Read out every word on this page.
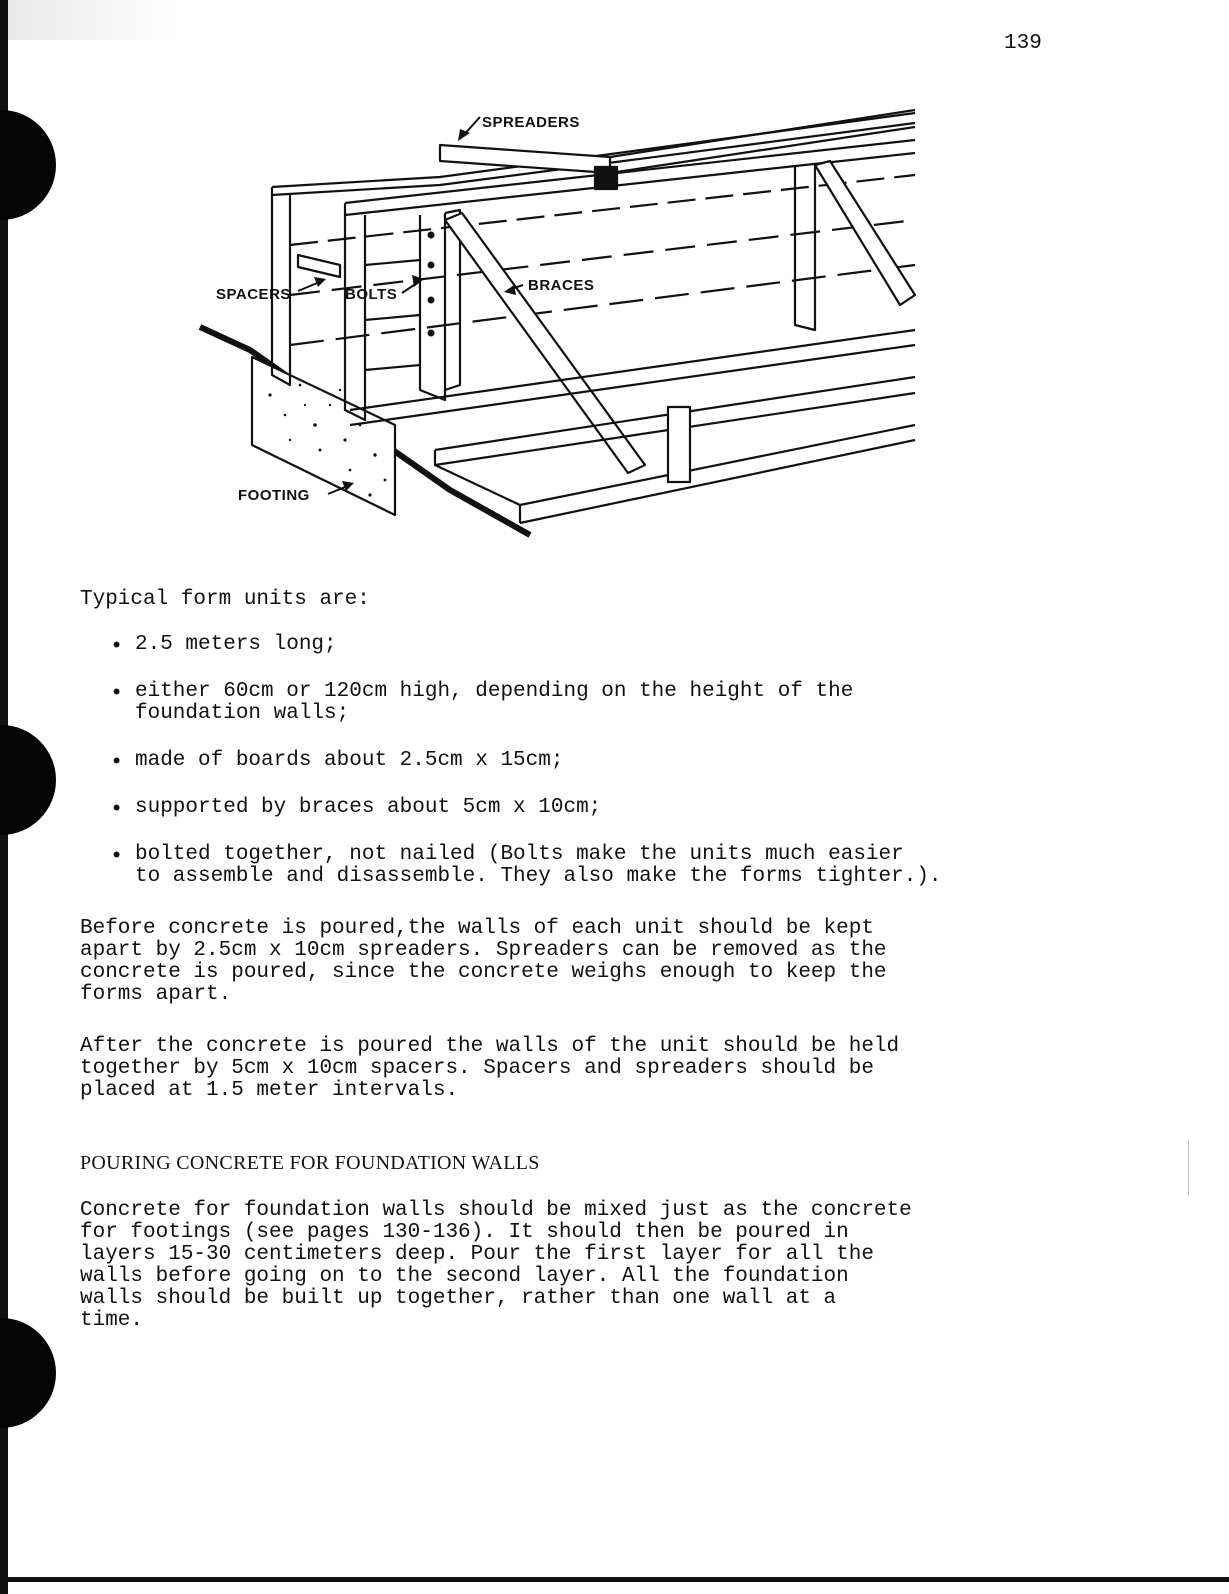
139
SPREADERS
SPACERS	BOLTS
BRACES
FOOTING
Typical form units are:
• 2.5 meters long;
• either 60cm or 120cm high, depending on the height of the
foundation walls;
• made of boards about 2.5cm x 15cm;
• supported by braces about 5cm x 10cm;
• bolted together, not nailed (Bolts make the units much easier
to assemble and disassemble. They also make the forms tighter.).
Before concrete is poured,the walls of each unit should be kept
apart by 2.5cm x 10cm spreaders. Spreaders can be removed as the
concrete is poured, since the concrete weighs enough to keep the
forms apart.
After the concrete is poured the walls of the unit should be held
together by 5cm x 10cm spacers. Spacers and spreaders should be
placed at 1.5 meter intervals.
POURING CONCRETE FOR FOUNDATION WALLS
Concrete for foundation walls should be mixed just as the concrete
for footings (see pages 130-136). It should then be poured in
layers 15-30 centimeters deep. Pour the first layer for all the
walls before going on to the second layer. All the foundation
walls should be built up together, rather than one wall at a
time.
